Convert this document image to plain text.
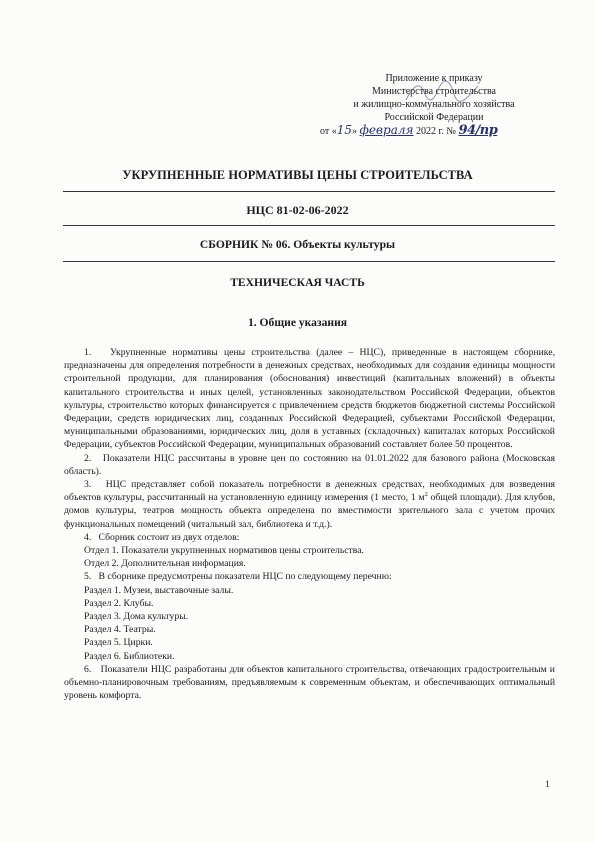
Приложение к приказу
Министерства строительства
и жилищно-коммунального хозяйства
Российской Федерации
от «15» февраля 2022 г. № 94/пр
УКРУПНЕННЫЕ НОРМАТИВЫ ЦЕНЫ СТРОИТЕЛЬСТВА
НЦС 81-02-06-2022
СБОРНИК № 06. Объекты культуры
ТЕХНИЧЕСКАЯ ЧАСТЬ
1. Общие указания

1.   Укрупненные нормативы цены строительства (далее – НЦС), приведенные в настоящем сборнике, предназначены для определения потребности в денежных средствах, необходимых для создания единицы мощности строительной продукции, для планирования (обоснования) инвестиций (капитальных вложений) в объекты капитального строительства и иных целей, установленных законодательством Российской Федерации, объектов культуры, строительство которых финансируется с привлечением средств бюджетов бюджетной системы Российской Федерации, средств юридических лиц, созданных Российской Федерацией, субъектами Российской Федерации, муниципальными образованиями, юридических лиц, доля в уставных (складочных) капиталах которых Российской Федерации, субъектов Российской Федерации, муниципальных образований составляет более 50 процентов.

2.   Показатели НЦС рассчитаны в уровне цен по состоянию на 01.01.2022 для базового района (Московская область).

3.   НЦС представляет собой показатель потребности в денежных средствах, необходимых для возведения объектов культуры, рассчитанный на установленную единицу измерения (1 место, 1 $м^2$ общей площади). Для клубов, домов культуры, театров мощность объекта определена по вместимости зрительного зала с учетом прочих функциональных помещений (читальный зал, библиотека и т.д.).

4.   Сборник состоит из двух отделов:

Отдел 1. Показатели укрупненных нормативов цены строительства.

Отдел 2. Дополнительная информация.

5.   В сборнике предусмотрены показатели НЦС по следующему перечню:

Раздел 1. Музеи, выставочные залы.

Раздел 2. Клубы.

Раздел 3. Дома культуры.

Раздел 4. Театры.

Раздел 5. Цирки.

Раздел 6. Библиотеки.

6.   Показатели НЦС разработаны для объектов капитального строительства, отвечающих градостроительным и объемно-планировочным требованиям, предъявляемым к современным объектам, и обеспечивающих оптимальный уровень комфорта.

1
